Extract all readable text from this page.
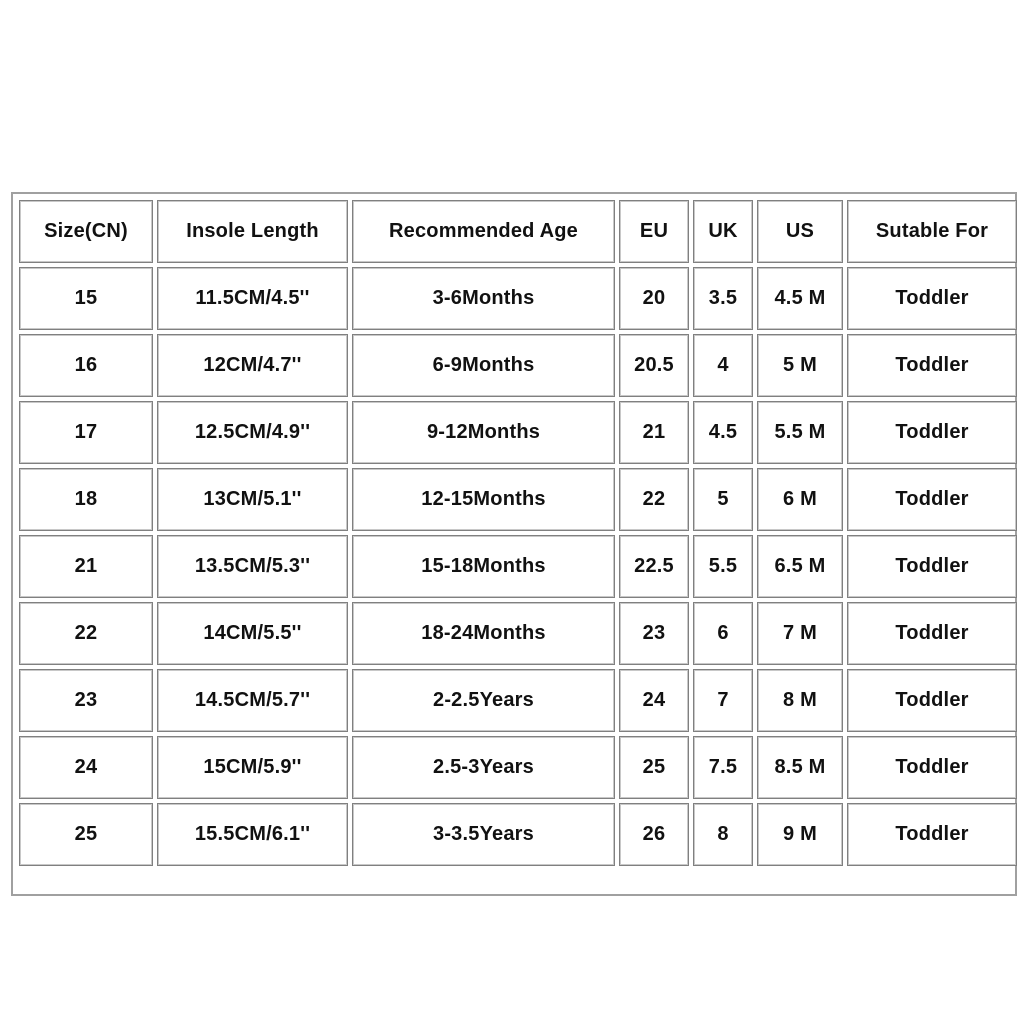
Size(CN)	Insole Length	Recommended Age	EU	UK	US	Sutable For
15	11.5CM/4.5''	3-6Months	20	3.5	4.5 M	Toddler
16	12CM/4.7''	6-9Months	20.5	4	5 M	Toddler
17	12.5CM/4.9''	9-12Months	21	4.5	5.5 M	Toddler
18	13CM/5.1''	12-15Months	22	5	6 M	Toddler
21	13.5CM/5.3''	15-18Months	22.5	5.5	6.5 M	Toddler
22	14CM/5.5''	18-24Months	23	6	7 M	Toddler
23	14.5CM/5.7''	2-2.5Years	24	7	8 M	Toddler
24	15CM/5.9''	2.5-3Years	25	7.5	8.5 M	Toddler
25	15.5CM/6.1''	3-3.5Years	26	8	9 M	Toddler
